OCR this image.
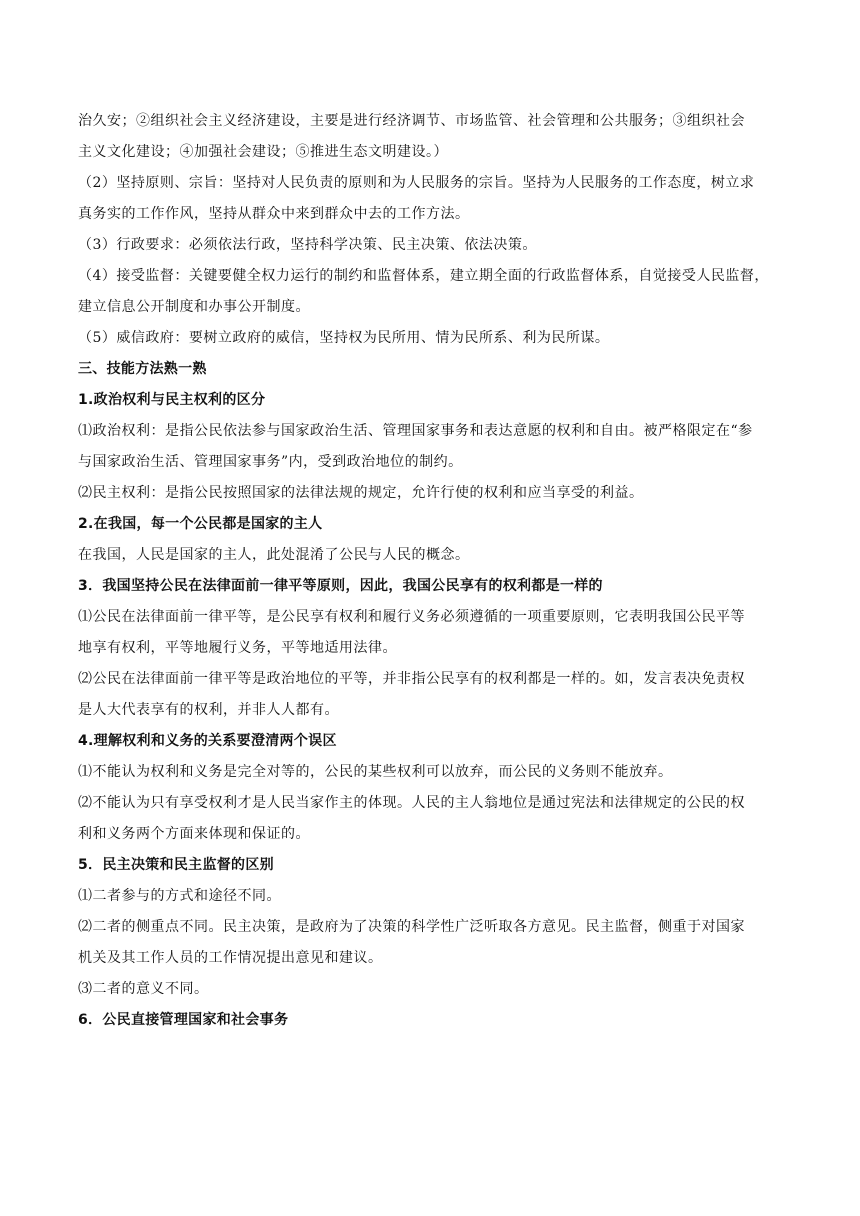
治久安；②组织社会主义经济建设，主要是进行经济调节、市场监管、社会管理和公共服务；③组织社会
主义文化建设；④加强社会建设；⑤推进生态文明建设。）
（2）坚持原则、宗旨：坚持对人民负责的原则和为人民服务的宗旨。坚持为人民服务的工作态度，树立求
真务实的工作作风，坚持从群众中来到群众中去的工作方法。
（3）行政要求：必须依法行政，坚持科学决策、民主决策、依法决策。
（4）接受监督：关键要健全权力运行的制约和监督体系，建立期全面的行政监督体系，自觉接受人民监督，
建立信息公开制度和办事公开制度。
（5）威信政府：要树立政府的威信，坚持权为民所用、情为民所系、利为民所谋。
三、技能方法熟一熟
1.政治权利与民主权利的区分
⑴政治权利：是指公民依法参与国家政治生活、管理国家事务和表达意愿的权利和自由。被严格限定在“参
与国家政治生活、管理国家事务”内，受到政治地位的制约。
⑵民主权利：是指公民按照国家的法律法规的规定，允许行使的权利和应当享受的利益。
2.在我国，每一个公民都是国家的主人
在我国，人民是国家的主人，此处混淆了公民与人民的概念。
3．我国坚持公民在法律面前一律平等原则，因此，我国公民享有的权利都是一样的
⑴公民在法律面前一律平等，是公民享有权利和履行义务必须遵循的一项重要原则，它表明我国公民平等
地享有权利，平等地履行义务，平等地适用法律。
⑵公民在法律面前一律平等是政治地位的平等，并非指公民享有的权利都是一样的。如，发言表决免责权
是人大代表享有的权利，并非人人都有。
4.理解权利和义务的关系要澄清两个误区
⑴不能认为权利和义务是完全对等的，公民的某些权利可以放弃，而公民的义务则不能放弃。
⑵不能认为只有享受权利才是人民当家作主的体现。人民的主人翁地位是通过宪法和法律规定的公民的权
利和义务两个方面来体现和保证的。
5．民主决策和民主监督的区别
⑴二者参与的方式和途径不同。
⑵二者的侧重点不同。民主决策，是政府为了决策的科学性广泛听取各方意见。民主监督，侧重于对国家
机关及其工作人员的工作情况提出意见和建议。
⑶二者的意义不同。
6．公民直接管理国家和社会事务
